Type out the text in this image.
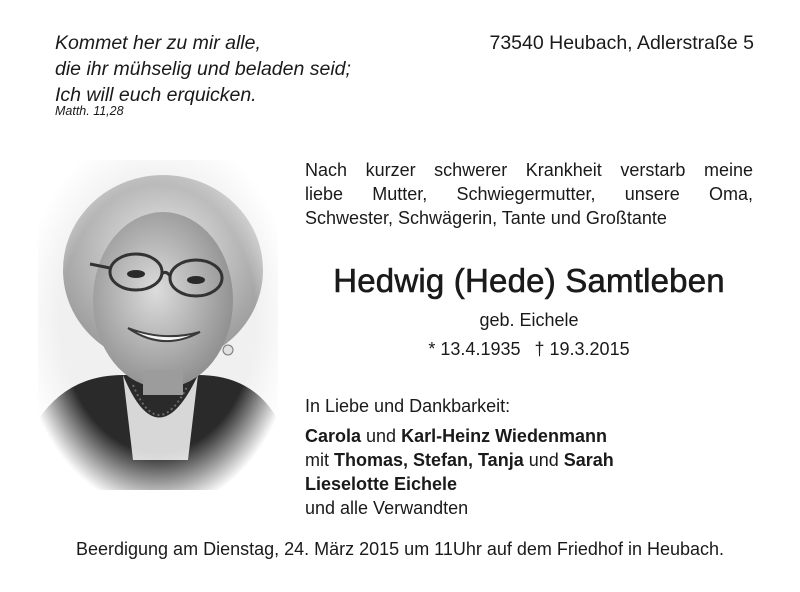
Kommet her zu mir alle,
die ihr mühselig und beladen seid;
Ich will euch erquicken.
Matth. 11,28
73540 Heubach, Adlerstraße 5
Nach kurzer schwerer Krankheit verstarb meine
liebe Mutter, Schwiegermutter, unsere Oma,
Schwester, Schwägerin, Tante und Großtante
Hedwig (Hede) Samtleben
geb. Eichele
* 13.4.1935 † 19.3.2015
In Liebe und Dankbarkeit:
Carola und Karl-Heinz Wiedenmann
mit Thomas, Stefan, Tanja und Sarah
Lieselotte Eichele
und alle Verwandten
Beerdigung am Dienstag, 24. März 2015 um 11Uhr auf dem Friedhof in Heubach.
